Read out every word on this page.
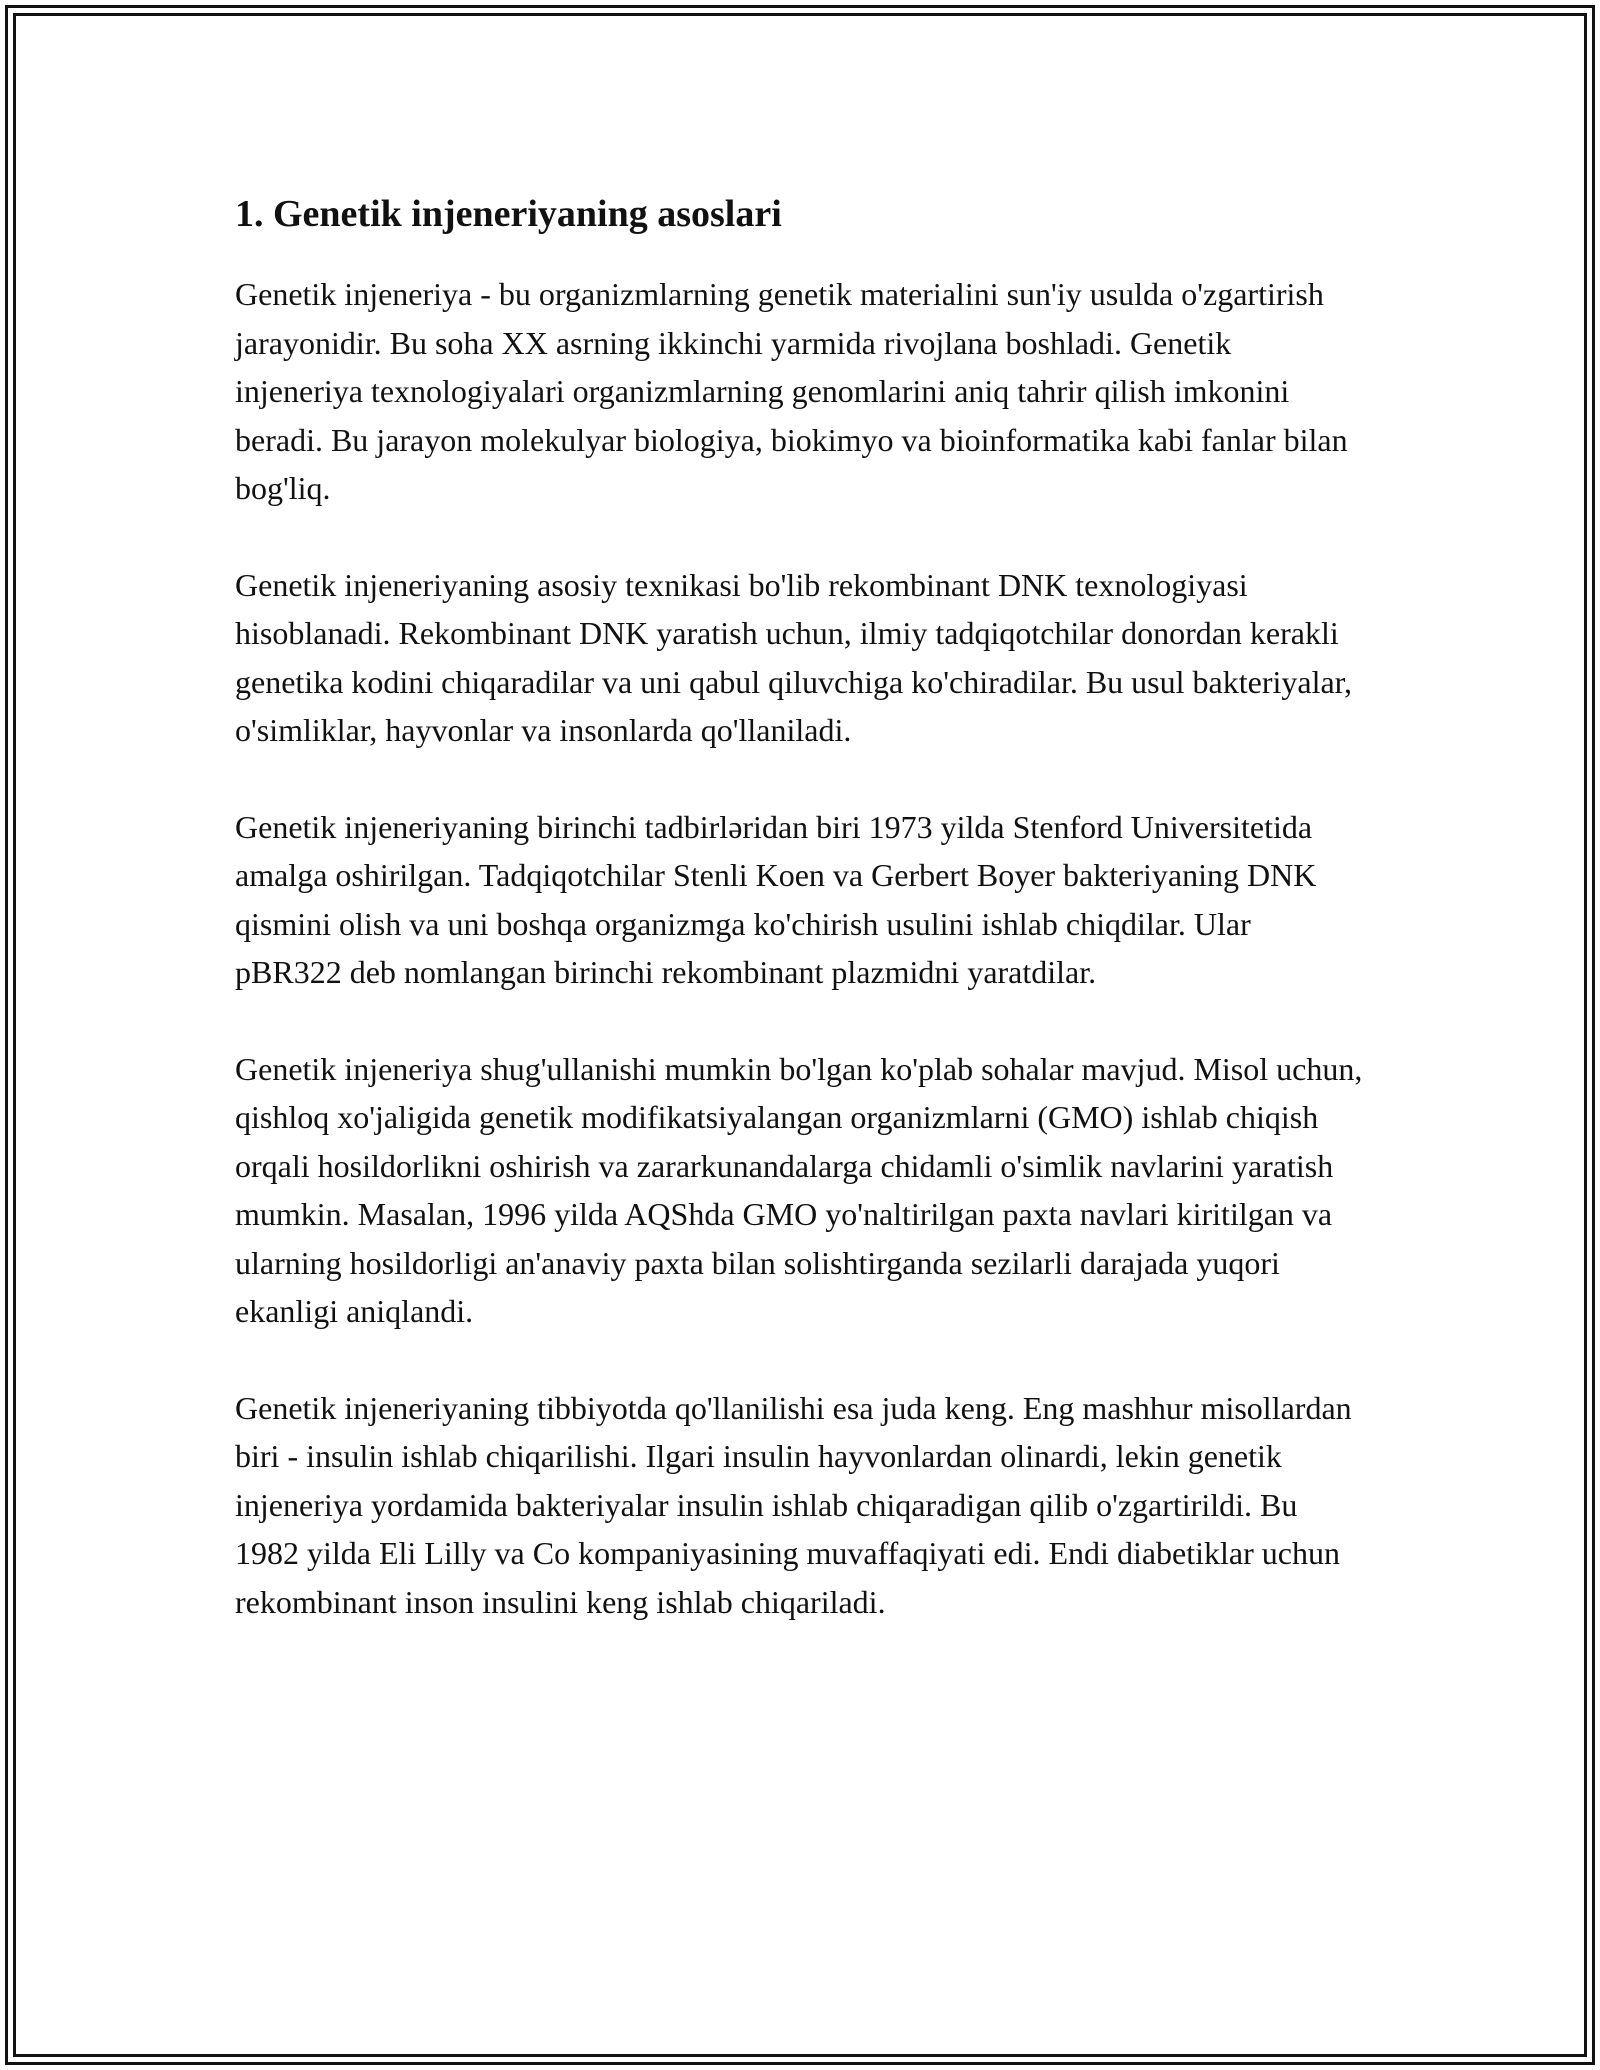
1. Genetik injeneriyaning asoslari

Genetik injeneriya - bu organizmlarning genetik materialini sun'iy usulda o'zgartirish jarayonidir. Bu soha XX asrning ikkinchi yarmida rivojlana boshladi. Genetik injeneriya texnologiyalari organizmlarning genomlarini aniq tahrir qilish imkonini beradi. Bu jarayon molekulyar biologiya, biokimyo va bioinformatika kabi fanlar bilan bog'liq.

Genetik injeneriyaning asosiy texnikasi bo'lib rekombinant DNK texnologiyasi hisoblanadi. Rekombinant DNK yaratish uchun, ilmiy tadqiqotchilar donordan kerakli genetika kodini chiqaradilar va uni qabul qiluvchiga ko'chiradilar. Bu usul bakteriyalar, o'simliklar, hayvonlar va insonlarda qo'llaniladi.

Genetik injeneriyaning birinchi tadbirlәridan biri 1973 yilda Stenford Universitetida amalga oshirilgan. Tadqiqotchilar Stenli Koen va Gerbert Boyer bakteriyaning DNK qismini olish va uni boshqa organizmga ko'chirish usulini ishlab chiqdilar. Ular pBR322 deb nomlangan birinchi rekombinant plazmidni yaratdilar.

Genetik injeneriya shug'ullanishi mumkin bo'lgan ko'plab sohalar mavjud. Misol uchun, qishloq xo'jaligida genetik modifikatsiyalangan organizmlarni (GMO) ishlab chiqish orqali hosildorlikni oshirish va zararkunandalarga chidamli o'simlik navlarini yaratish mumkin. Masalan, 1996 yilda AQShda GMO yo'naltirilgan paxta navlari kiritilgan va ularning hosildorligi an'anaviy paxta bilan solishtirganda sezilarli darajada yuqori ekanligi aniqlandi.

Genetik injeneriyaning tibbiyotda qo'llanilishi esa juda keng. Eng mashhur misollardan biri - insulin ishlab chiqarilishi. Ilgari insulin hayvonlardan olinardi, lekin genetik injeneriya yordamida bakteriyalar insulin ishlab chiqaradigan qilib o'zgartirildi. Bu 1982 yilda Eli Lilly va Co kompaniyasining muvaffaqiyati edi. Endi diabetiklar uchun rekombinant inson insulini keng ishlab chiqariladi.
